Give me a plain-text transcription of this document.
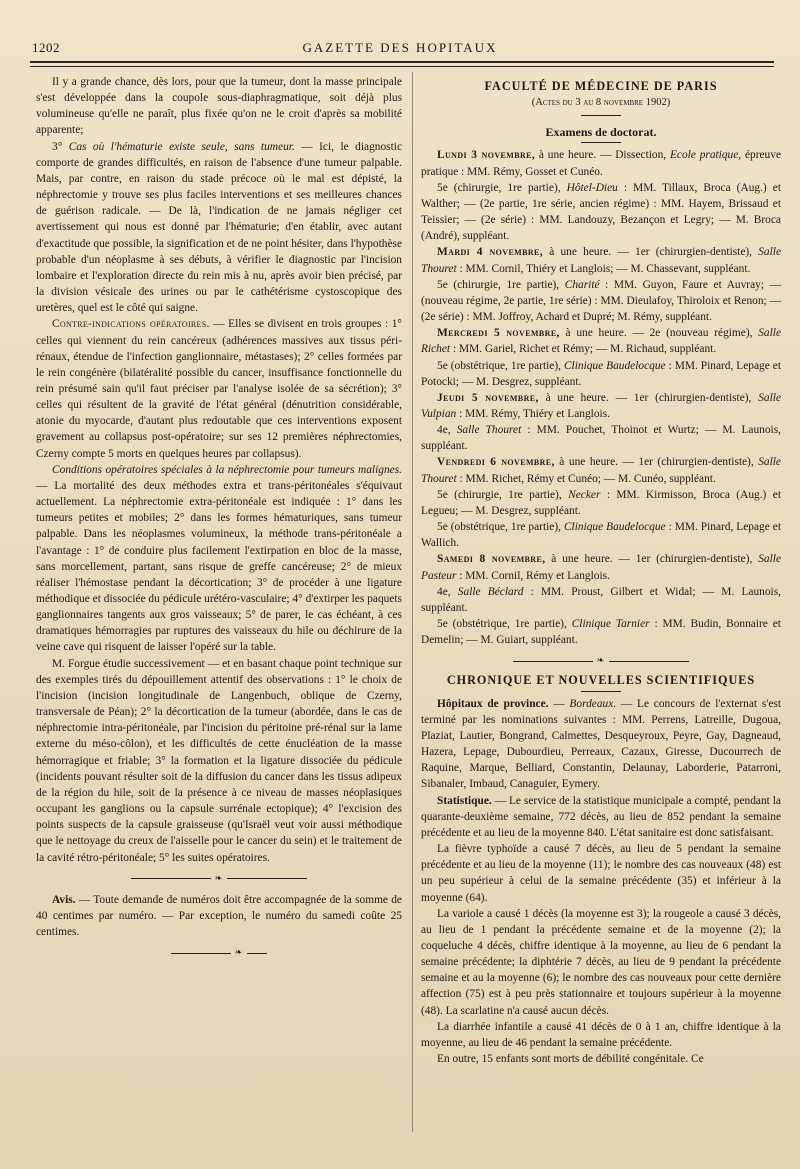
1202	GAZETTE DES HOPITAUX

Il y a grande chance, dès lors, pour que la tumeur, dont la masse principale s'est développée dans la coupole sous-diaphragmatique, soit déjà plus volumineuse qu'elle ne paraît, plus fixée qu'on ne le croit d'après sa mobilité apparente;

3° Cas où l'hématurie existe seule, sans tumeur. — Ici, le diagnostic comporte de grandes difficultés, en raison de l'absence d'une tumeur palpable. Mais, par contre, en raison du stade précoce où le mal est dépisté, la néphrectomie y trouve ses plus faciles interventions et ses meilleures chances de guérison radicale. — De là, l'indication de ne jamais négliger cet avertissement qui nous est donné par l'hématurie; d'en établir, avec autant d'exactitude que possible, la signification et de ne point hésiter, dans l'hypothèse probable d'un néoplasme à ses débuts, à vérifier le diagnostic par l'incision lombaire et l'exploration directe du rein mis à nu, après avoir bien précisé, par la division vésicale des urines ou par le cathétérisme cystoscopique des uretères, quel est le côté qui saigne.

Contre-indications opératoires. — Elles se divisent en trois groupes : 1° celles qui viennent du rein cancéreux (adhérences massives aux tissus péri-rénaux, étendue de l'infection ganglionnaire, métastases); 2° celles formées par le rein congénère (bilatéralité possible du cancer, insuffisance fonctionnelle du rein présumé sain qu'il faut préciser par l'analyse isolée de sa sécrétion); 3° celles qui résultent de la gravité de l'état général (dénutrition considérable, atonie du myocarde, d'autant plus redoutable que ces interventions exposent gravement au collapsus post-opératoire; sur ses 12 premières néphrectomies, Czerny compte 5 morts en quelques heures par collapsus).

Conditions opératoires spéciales à la néphrectomie pour tumeurs malignes. — La mortalité des deux méthodes extra et trans-péritonéales s'équivaut actuellement. La néphrectomie extra-péritonéale est indiquée : 1° dans les tumeurs petites et mobiles; 2° dans les formes hématuriques, sans tumeur palpable. Dans les néoplasmes volumineux, la méthode trans-péritonéale a l'avantage : 1° de conduire plus facilement l'extirpation en bloc de la masse, sans morcellement, partant, sans risque de greffe cancéreuse; 2° de mieux réaliser l'hémostase pendant la décortication; 3° de procéder à une ligature méthodique et dissociée du pédicule urétéro-vasculaire; 4° d'extirper les paquets ganglionnaires tangents aux gros vaisseaux; 5° de parer, le cas échéant, à ces dramatiques hémorragies par ruptures des vaisseaux du hile ou déchirure de la veine cave qui risquent de laisser l'opéré sur la table.

M. Forgue étudie successivement — et en basant chaque point technique sur des exemples tirés du dépouillement attentif des observations : 1° le choix de l'incision (incision longitudinale de Langenbuch, oblique de Czerny, transversale de Péan); 2° la décortication de la tumeur (abordée, dans le cas de néphrectomie intra-péritonéale, par l'incision du péritoine pré-rénal sur la lame externe du méso-côlon), et les difficultés de cette énucléation de la masse hémorragique et friable; 3° la formation et la ligature dissociée du pédicule (incidents pouvant résulter soit de la diffusion du cancer dans les tissus adipeux de la région du hile, soit de la présence à ce niveau de masses néoplasiques occupant les ganglions ou la capsule surrénale ectopique); 4° l'excision des points suspects de la capsule graisseuse (qu'Israël veut voir aussi méthodique que le nettoyage du creux de l'aisselle pour le cancer du sein) et le traitement de la cavité rétro-péritonéale; 5° les suites opératoires.

❧

Avis. — Toute demande de numéros doit être accompagnée de la somme de 40 centimes par numéro. — Par exception, le numéro du samedi coûte 25 centimes.

❧

FACULTÉ DE MÉDECINE DE PARIS

(Actes du 3 au 8 novembre 1902)

Examens de doctorat.

Lundi 3 novembre, à une heure. — Dissection, Ecole pratique, épreuve pratique : MM. Rémy, Gosset et Cunéo.

5e (chirurgie, 1re partie), Hôtel-Dieu : MM. Tillaux, Broca (Aug.) et Walther; — (2e partie, 1re série, ancien régime) : MM. Hayem, Brissaud et Teissier; — (2e série) : MM. Landouzy, Bezançon et Legry; — M. Broca (André), suppléant.

Mardi 4 novembre, à une heure. — 1er (chirurgien-dentiste), Salle Thouret : MM. Cornil, Thiéry et Langlois; — M. Chassevant, suppléant.

5e (chirurgie, 1re partie), Charité : MM. Guyon, Faure et Auvray; — (nouveau régime, 2e partie, 1re série) : MM. Dieulafoy, Thiroloix et Renon; — (2e série) : MM. Joffroy, Achard et Dupré; M. Rémy, suppléant.

Mercredi 5 novembre, à une heure. — 2e (nouveau régime), Salle Richet : MM. Gariel, Richet et Rémy; — M. Richaud, suppléant.

5e (obstétrique, 1re partie), Clinique Baudelocque : MM. Pinard, Lepage et Potocki; — M. Desgrez, suppléant.

Jeudi 5 novembre, à une heure. — 1er (chirurgien-dentiste), Salle Vulpian : MM. Rémy, Thiéry et Langlois.

4e, Salle Thouret : MM. Pouchet, Thoinot et Wurtz; — M. Launois, suppléant.

Vendredi 6 novembre, à une heure. — 1er (chirurgien-dentiste), Salle Thouret : MM. Richet, Rémy et Cunéo; — M. Cunéo, suppléant.

5e (chirurgie, 1re partie), Necker : MM. Kirmisson, Broca (Aug.) et Legueu; — M. Desgrez, suppléant.

5e (obstétrique, 1re partie), Clinique Baudelocque : MM. Pinard, Lepage et Wallich.

Samedi 8 novembre, à une heure. — 1er (chirurgien-dentiste), Salle Pasteur : MM. Cornil, Rémy et Langlois.

4e, Salle Béclard : MM. Proust, Gilbert et Widal; — M. Launois, suppléant.

5e (obstétrique, 1re partie), Clinique Tarnier : MM. Budin, Bonnaire et Demelin; — M. Guiart, suppléant.

❧

CHRONIQUE ET NOUVELLES SCIENTIFIQUES

Hôpitaux de province. — Bordeaux. — Le concours de l'externat s'est terminé par les nominations suivantes : MM. Perrens, Latreille, Dugoua, Plaziat, Lautier, Bongrand, Calmettes, Desqueyroux, Peyre, Gay, Dagneaud, Hazera, Lepage, Dubourdieu, Perreaux, Cazaux, Giresse, Ducourrech de Raquine, Marque, Belliard, Constantin, Delaunay, Laborderie, Patarroni, Sibanaler, Imbaud, Canaguier, Eymery.

Statistique. — Le service de la statistique municipale a compté, pendant la quarante-deuxième semaine, 772 décès, au lieu de 852 pendant la semaine précédente et au lieu de la moyenne 840. L'état sanitaire est donc satisfaisant.

La fièvre typhoïde a causé 7 décès, au lieu de 5 pendant la semaine précédente et au lieu de la moyenne (11); le nombre des cas nouveaux (48) est un peu supérieur à celui de la semaine précédente (35) et inférieur à la moyenne (64).

La variole a causé 1 décès (la moyenne est 3); la rougeole a causé 3 décès, au lieu de 1 pendant la précédente semaine et de la moyenne (2); la coqueluche 4 décès, chiffre identique à la moyenne, au lieu de 6 pendant la semaine précédente; la diphtérie 7 décès, au lieu de 9 pendant la précédente semaine et au la moyenne (6); le nombre des cas nouveaux pour cette dernière affection (75) est à peu près stationnaire et toujours supérieur à la moyenne (48). La scarlatine n'a causé aucun décès.

La diarrhée infantile a causé 41 décès de 0 à 1 an, chiffre identique à la moyenne, au lieu de 46 pendant la semaine précédente.

En outre, 15 enfants sont morts de débilité congénitale. Ce
